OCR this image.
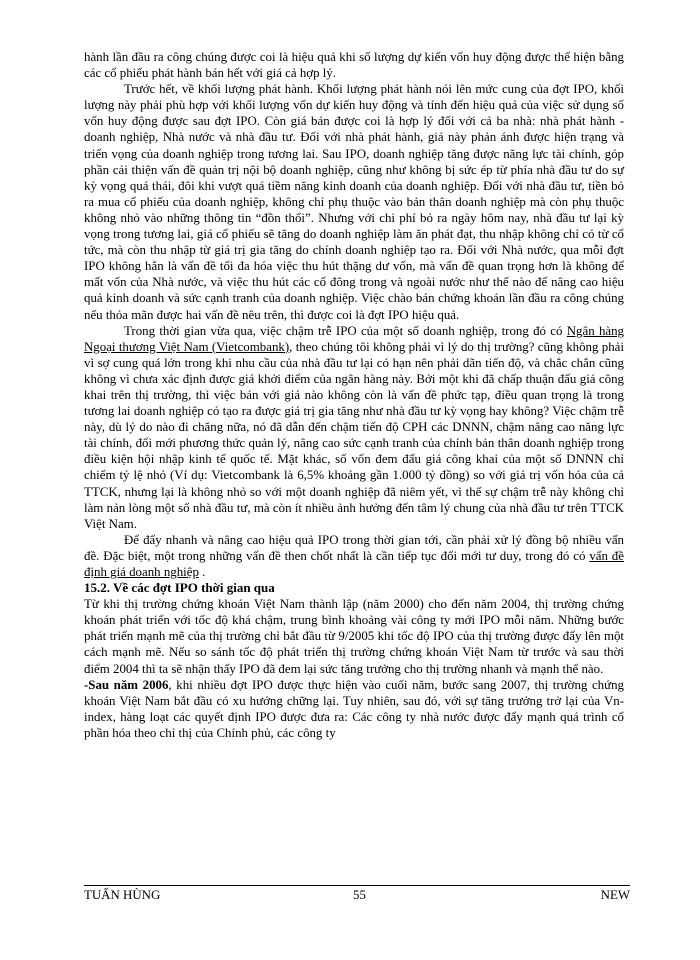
hành lần đầu ra công chúng được coi là hiệu quả khi số lượng dự kiến vốn huy động được thể hiện bằng các cổ phiếu phát hành bán hết với giá cả hợp lý.

Trước hết, về khối lượng phát hành. Khối lượng phát hành nói lên mức cung của đợt IPO, khối lượng này phải phù hợp với khối lượng vốn dự kiến huy động và tính đến hiệu quả của việc sử dụng số vốn huy động được sau đợt IPO. Còn giá bán được coi là hợp lý đối với cả ba nhà: nhà phát hành - doanh nghiệp, Nhà nước và nhà đầu tư. Đối với nhà phát hành, giá này phản ánh được hiện trạng và triển vọng của doanh nghiệp trong tương lai. Sau IPO, doanh nghiệp tăng được năng lực tài chính, góp phần cải thiện vấn đề quản trị nội bộ doanh nghiệp, cũng như không bị sức ép từ phía nhà đầu tư do sự kỳ vọng quá thái, đôi khi vượt quá tiềm năng kinh doanh của doanh nghiệp. Đối với nhà đầu tư, tiền bỏ ra mua cổ phiếu của doanh nghiệp, không chỉ phụ thuộc vào bản thân doanh nghiệp mà còn phụ thuộc không nhỏ vào những thông tin “đồn thổi”. Nhưng với chi phí bỏ ra ngày hôm nay, nhà đầu tư lại kỳ vọng trong tương lai, giá cổ phiếu sẽ tăng do doanh nghiệp làm ăn phát đạt, thu nhập không chỉ có từ cổ tức, mà còn thu nhập từ giá trị gia tăng do chính doanh nghiệp tạo ra. Đối với Nhà nước, qua mỗi đợt IPO không hẳn là vấn đề tối đa hóa việc thu hút thặng dư vốn, mà vấn đề quan trọng hơn là không để mất vốn của Nhà nước, và việc thu hút các cổ đông trong và ngoài nước như thế nào để nâng cao hiệu quả kinh doanh và sức cạnh tranh của doanh nghiệp. Việc chào bán chứng khoán lần đầu ra công chúng nếu thỏa mãn được hai vấn đề nêu trên, thì được coi là đợt IPO hiệu quả.

Trong thời gian vừa qua, việc chậm trễ IPO của một số doanh nghiệp, trong đó có Ngân hàng Ngoại thương Việt Nam (Vietcombank), theo chúng tôi không phải vì lý do thị trường? cũng không phải vì sợ cung quá lớn trong khi nhu cầu của nhà đầu tư lại có hạn nên phải dãn tiến độ, và chắc chắn cũng không vì chưa xác định được giá khởi điểm của ngân hàng này. Bởi một khi đã chấp thuận đấu giá công khai trên thị trường, thì việc bán với giá nào không còn là vấn đề phức tạp, điều quan trọng là trong tương lai doanh nghiệp có tạo ra được giá trị gia tăng như nhà đầu tư kỳ vọng hay không? Việc chậm trễ này, dù lý do nào đi chăng nữa, nó đã dẫn đến chậm tiến độ CPH các DNNN, chậm nâng cao năng lực tài chính, đổi mới phương thức quản lý, nâng cao sức cạnh tranh của chính bản thân doanh nghiệp trong điều kiện hội nhập kinh tế quốc tế. Mặt khác, số vốn đem đấu giá công khai của một số DNNN chỉ chiếm tỷ lệ nhỏ (Ví dụ: Vietcombank là 6,5% khoảng gần 1.000 tỷ đồng) so với giá trị vốn hóa của cả TTCK, nhưng lại là không nhỏ so với một doanh nghiệp đã niêm yết, vì thế sự chậm trễ này không chỉ làm nản lòng một số nhà đầu tư, mà còn ít nhiều ảnh hưởng đến tâm lý chung của nhà đầu tư trên TTCK Việt Nam.

Để đẩy nhanh và nâng cao hiệu quả IPO trong thời gian tới, cần phải xử lý đồng bộ nhiều vấn đề. Đặc biệt, một trong những vấn đề then chốt nhất là cần tiếp tục đổi mới tư duy, trong đó có vấn đề định giá doanh nghiệp .

15.2. Về các đợt IPO thời gian qua

Từ khi thị trường chứng khoán Việt Nam thành lập (năm 2000) cho đến năm 2004, thị trường chứng khoán phát triển với tốc độ khá chậm, trung bình khoảng vài công ty mới IPO mỗi năm. Những bước phát triển mạnh mẽ của thị trường chỉ bắt đầu từ 9/2005 khi tốc độ IPO của thị trường được đẩy lên một cách mạnh mẽ. Nếu so sánh tốc độ phát triển thị trường chứng khoán Việt Nam từ trước và sau thời điểm 2004 thì ta sẽ nhận thấy IPO đã đem lại sức tăng trưởng cho thị trường nhanh và mạnh thế nào.

-Sau năm 2006, khi nhiều đợt IPO được thực hiện vào cuối năm, bước sang 2007, thị trường chứng khoán Việt Nam bắt đầu có xu hướng chững lại. Tuy nhiên, sau đó, với sự tăng trưởng trở lại của Vn-index, hàng loạt các quyết định IPO được đưa ra: Các công ty nhà nước được đẩy mạnh quá trình cổ phần hóa theo chỉ thị của Chính phủ, các công ty

TUẤN HÙNG	55	NEW
